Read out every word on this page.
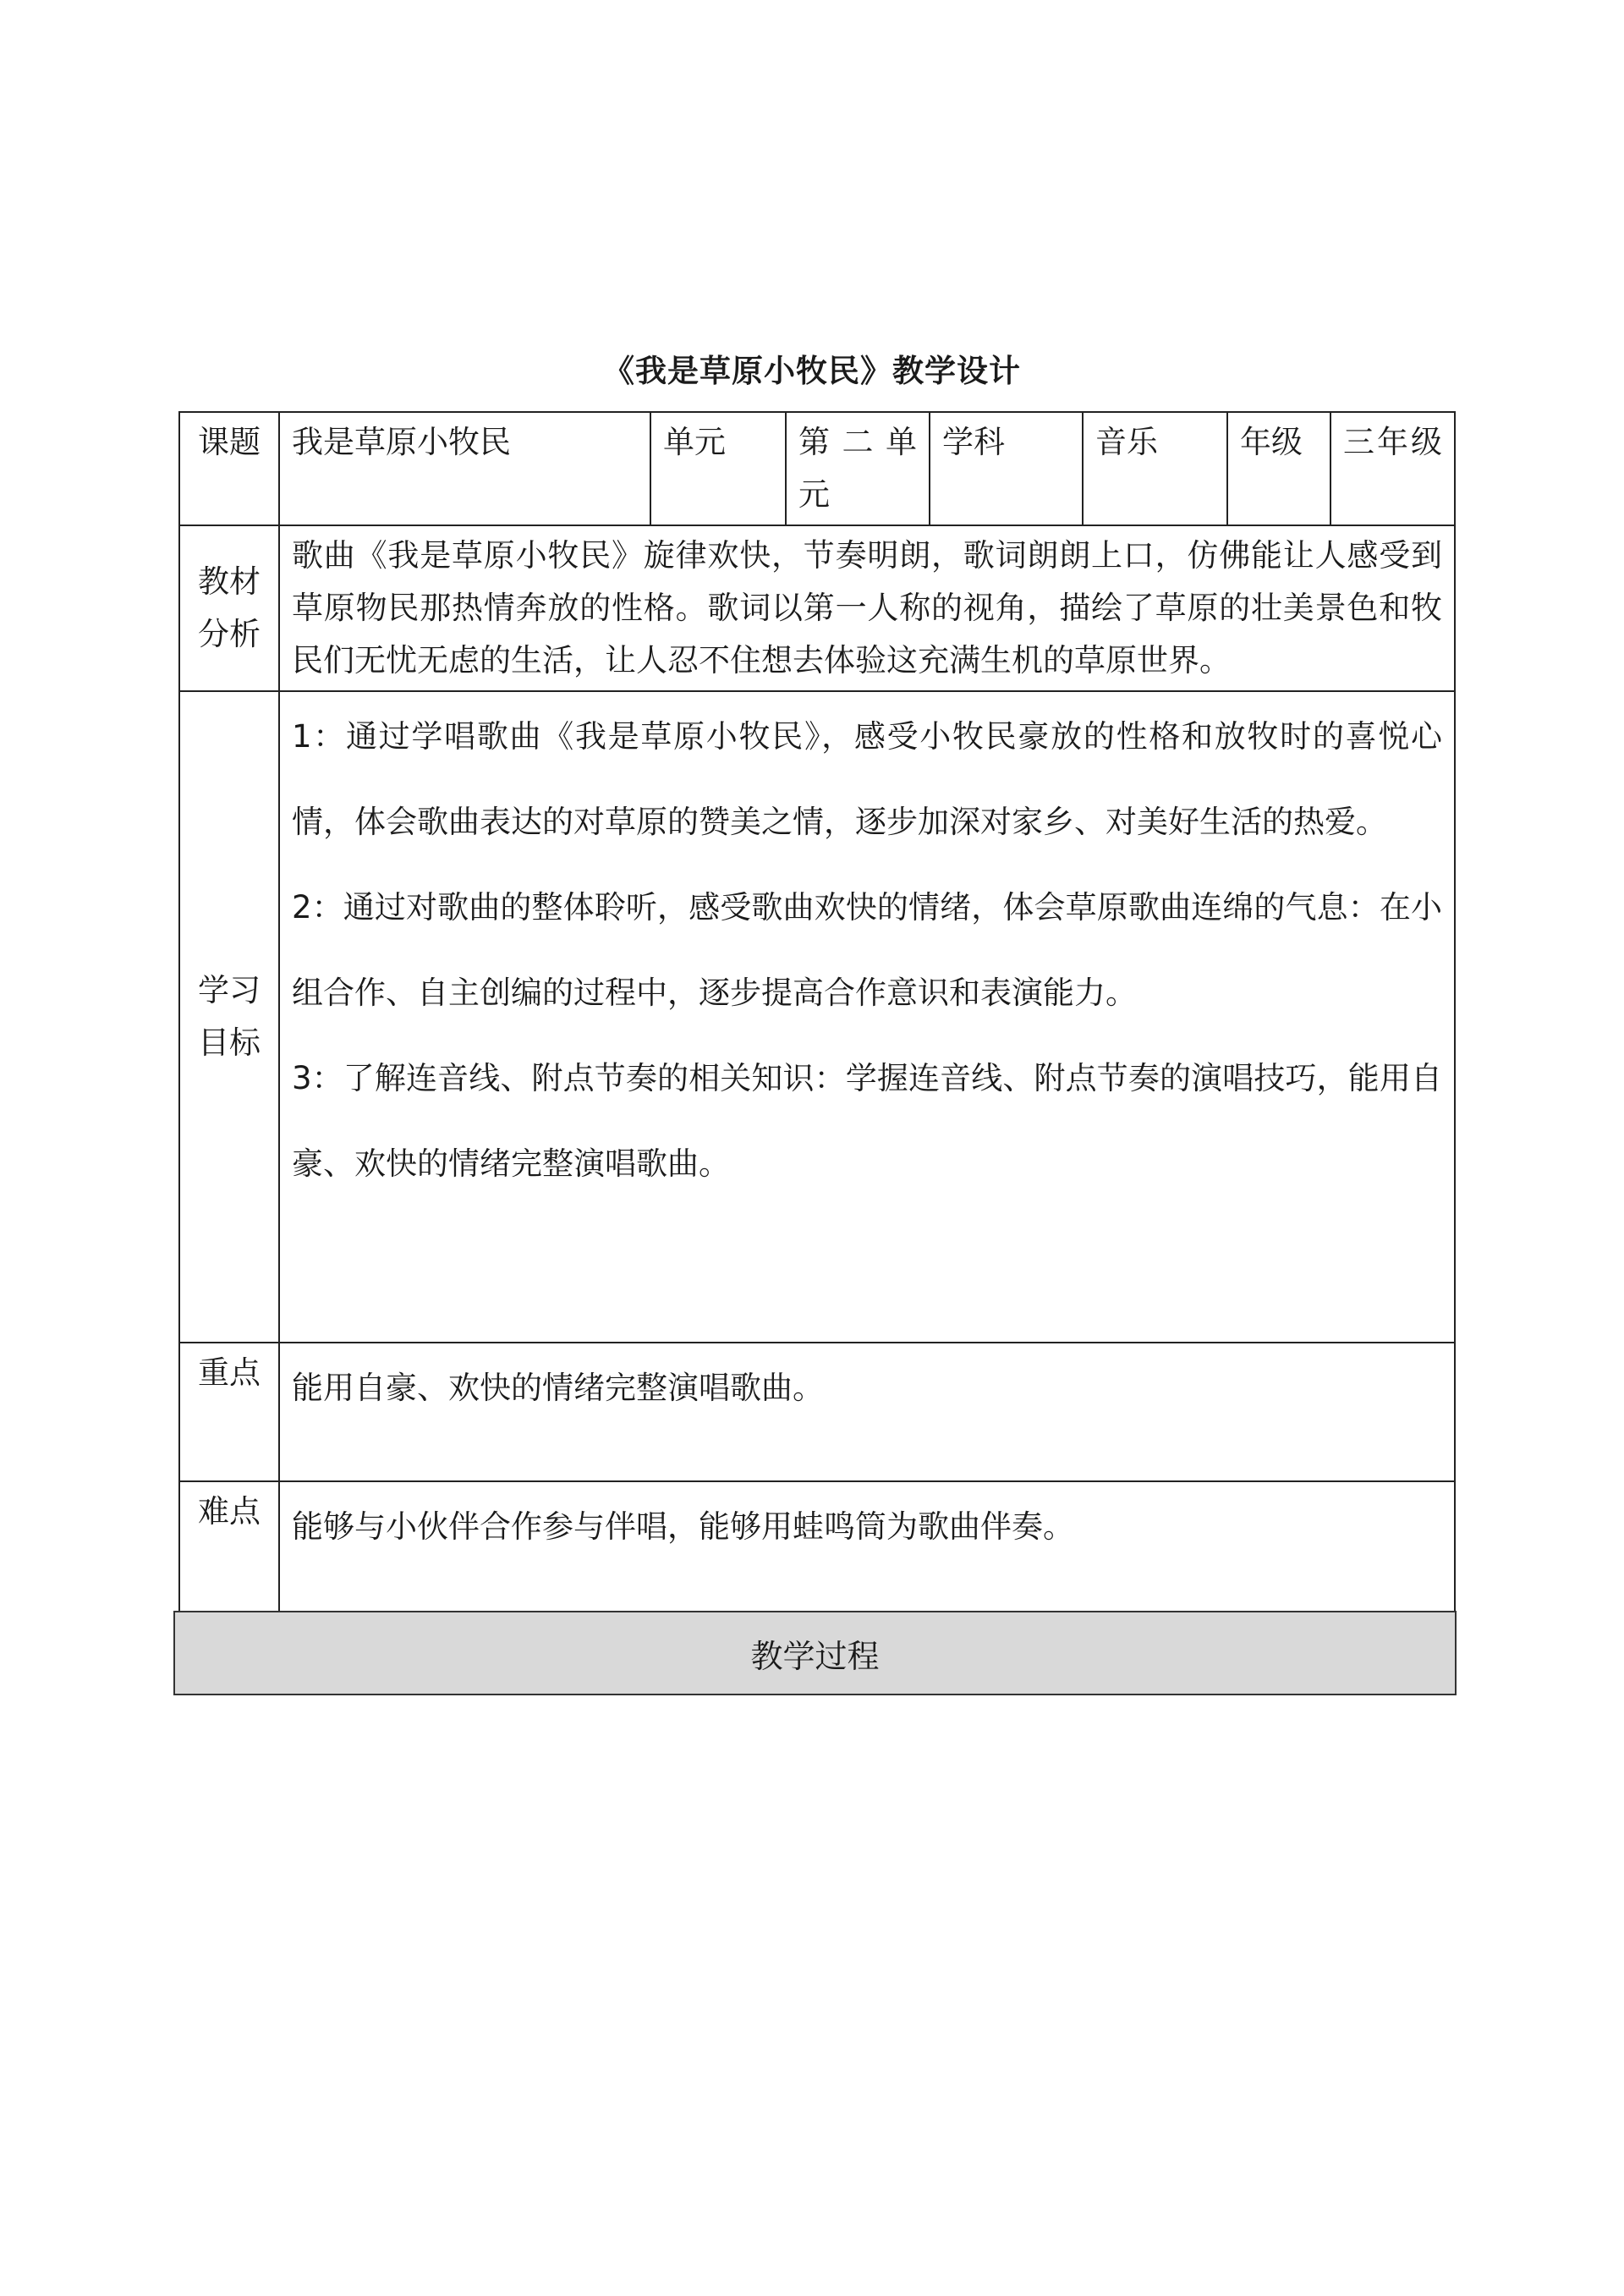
《我是草原小牧民》教学设计
课题	我是草原小牧民	单元	第二单元	学科	音乐	年级	三年级
教材分析	歌曲《我是草原小牧民》旋律欢快，节奏明朗，歌词朗朗上口，仿佛能让人感受到草原物民那热情奔放的性格。歌词以第一人称的视角，描绘了草原的壮美景色和牧民们无忧无虑的生活，让人忍不住想去体验这充满生机的草原世界。						
学习目标	1：通过学唱歌曲《我是草原小牧民》，感受小牧民豪放的性格和放牧时的喜悦心情，体会歌曲表达的对草原的赞美之情，逐步加深对家乡、对美好生活的热爱。
2：通过对歌曲的整体聆听，感受歌曲欢快的情绪，体会草原歌曲连绵的气息：在小组合作、自主创编的过程中，逐步提高合作意识和表演能力。
3：了解连音线、附点节奏的相关知识：学握连音线、附点节奏的演唱技巧，能用自豪、欢快的情绪完整演唱歌曲。						

重点	能用自豪、欢快的情绪完整演唱歌曲。						
难点	能够与小伙伴合作参与伴唱，能够用蛙鸣筒为歌曲伴奏。						
教学过程
